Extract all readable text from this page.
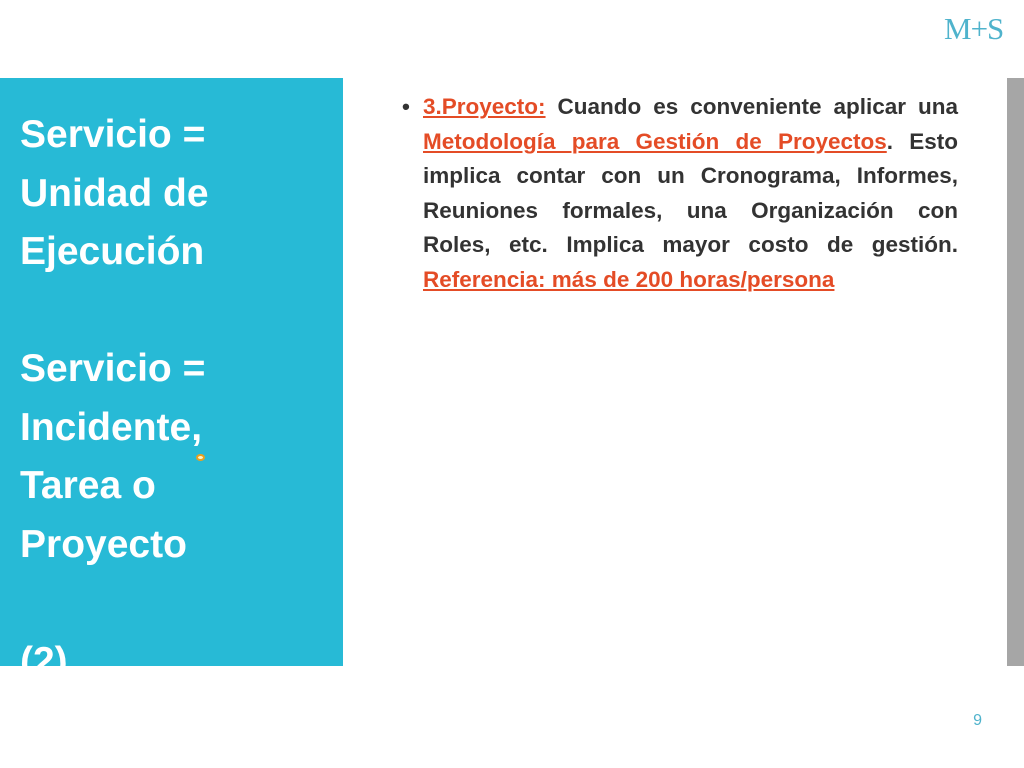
M+S
Servicio =
Unidad de
Ejecución

Servicio =
Incidente,
Tarea o
Proyecto

(2)
• 3.Proyecto: Cuando es conveniente aplicar una Metodología para Gestión de Proyectos. Esto implica contar con un Cronograma, Informes, Reuniones formales, una Organización con Roles, etc. Implica mayor costo de gestión. Referencia: más de 200 horas/persona

9
